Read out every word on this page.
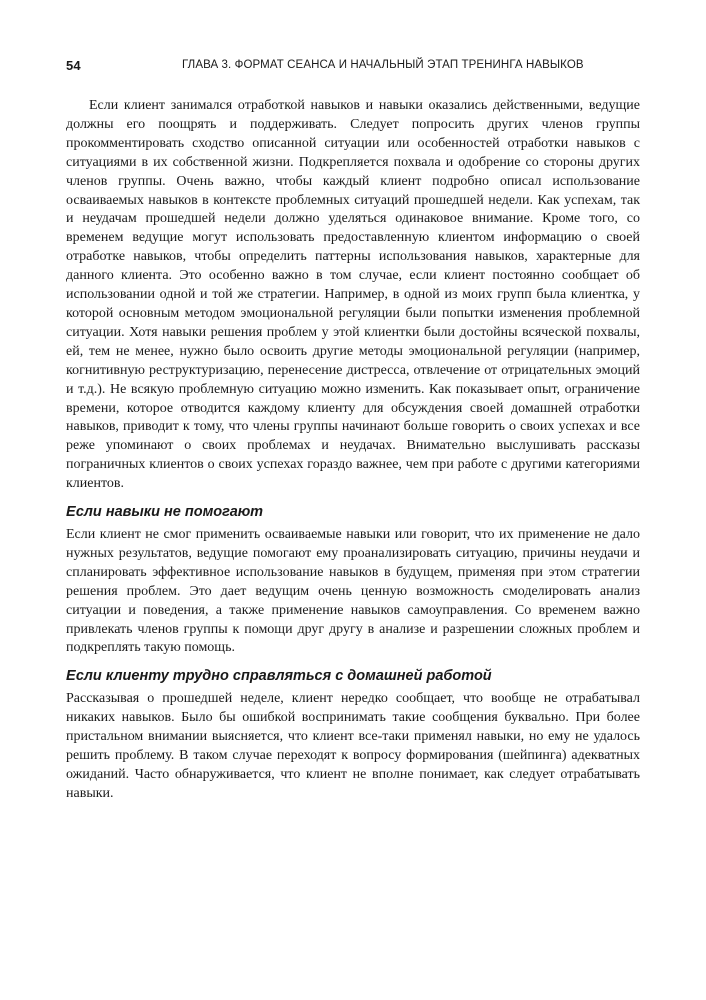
54	ГЛАВА 3. ФОРМАТ СЕАНСА И НАЧАЛЬНЫЙ ЭТАП ТРЕНИНГА НАВЫКОВ

Если клиент занимался отработкой навыков и навыки оказались действенными, ведущие должны его поощрять и поддерживать. Следует попросить других членов группы прокомментировать сходство описанной ситуации или особенностей отработки навыков с ситуациями в их собственной жизни. Подкрепляется похвала и одобрение со стороны других членов группы. Очень важно, чтобы каждый клиент подробно описал использование осваиваемых навыков в контексте проблемных ситуаций прошедшей недели. Как успехам, так и неудачам прошедшей недели должно уделяться одинаковое внимание. Кроме того, со временем ведущие могут использовать предоставленную клиентом информацию о своей отработке навыков, чтобы определить паттерны использования навыков, характерные для данного клиента. Это особенно важно в том случае, если клиент постоянно сообщает об использовании одной и той же стратегии. Например, в одной из моих групп была клиентка, у которой основным методом эмоциональной регуляции были попытки изменения проблемной ситуации. Хотя навыки решения проблем у этой клиентки были достойны всяческой похвалы, ей, тем не менее, нужно было освоить другие методы эмоциональной регуляции (например, когнитивную реструктуризацию, перенесение дистресса, отвлечение от отрицательных эмоций и т.д.). Не всякую проблемную ситуацию можно изменить. Как показывает опыт, ограничение времени, которое отводится каждому клиенту для обсуждения своей домашней отработки навыков, приводит к тому, что члены группы начинают больше говорить о своих успехах и все реже упоминают о своих проблемах и неудачах. Внимательно выслушивать рассказы пограничных клиентов о своих успехах гораздо важнее, чем при работе с другими категориями клиентов.

Если навыки не помогают

Если клиент не смог применить осваиваемые навыки или говорит, что их применение не дало нужных результатов, ведущие помогают ему проанализировать ситуацию, причины неудачи и спланировать эффективное использование навыков в будущем, применяя при этом стратегии решения проблем. Это дает ведущим очень ценную возможность смоделировать анализ ситуации и поведения, а также применение навыков самоуправления. Со временем важно привлекать членов группы к помощи друг другу в анализе и разрешении сложных проблем и подкреплять такую помощь.

Если клиенту трудно справляться с домашней работой

Рассказывая о прошедшей неделе, клиент нередко сообщает, что вообще не отрабатывал никаких навыков. Было бы ошибкой воспринимать такие сообщения буквально. При более пристальном внимании выясняется, что клиент все-таки применял навыки, но ему не удалось решить проблему. В таком случае переходят к вопросу формирования (шейпинга) адекватных ожиданий. Часто обнаруживается, что клиент не вполне понимает, как следует отрабатывать навыки.
